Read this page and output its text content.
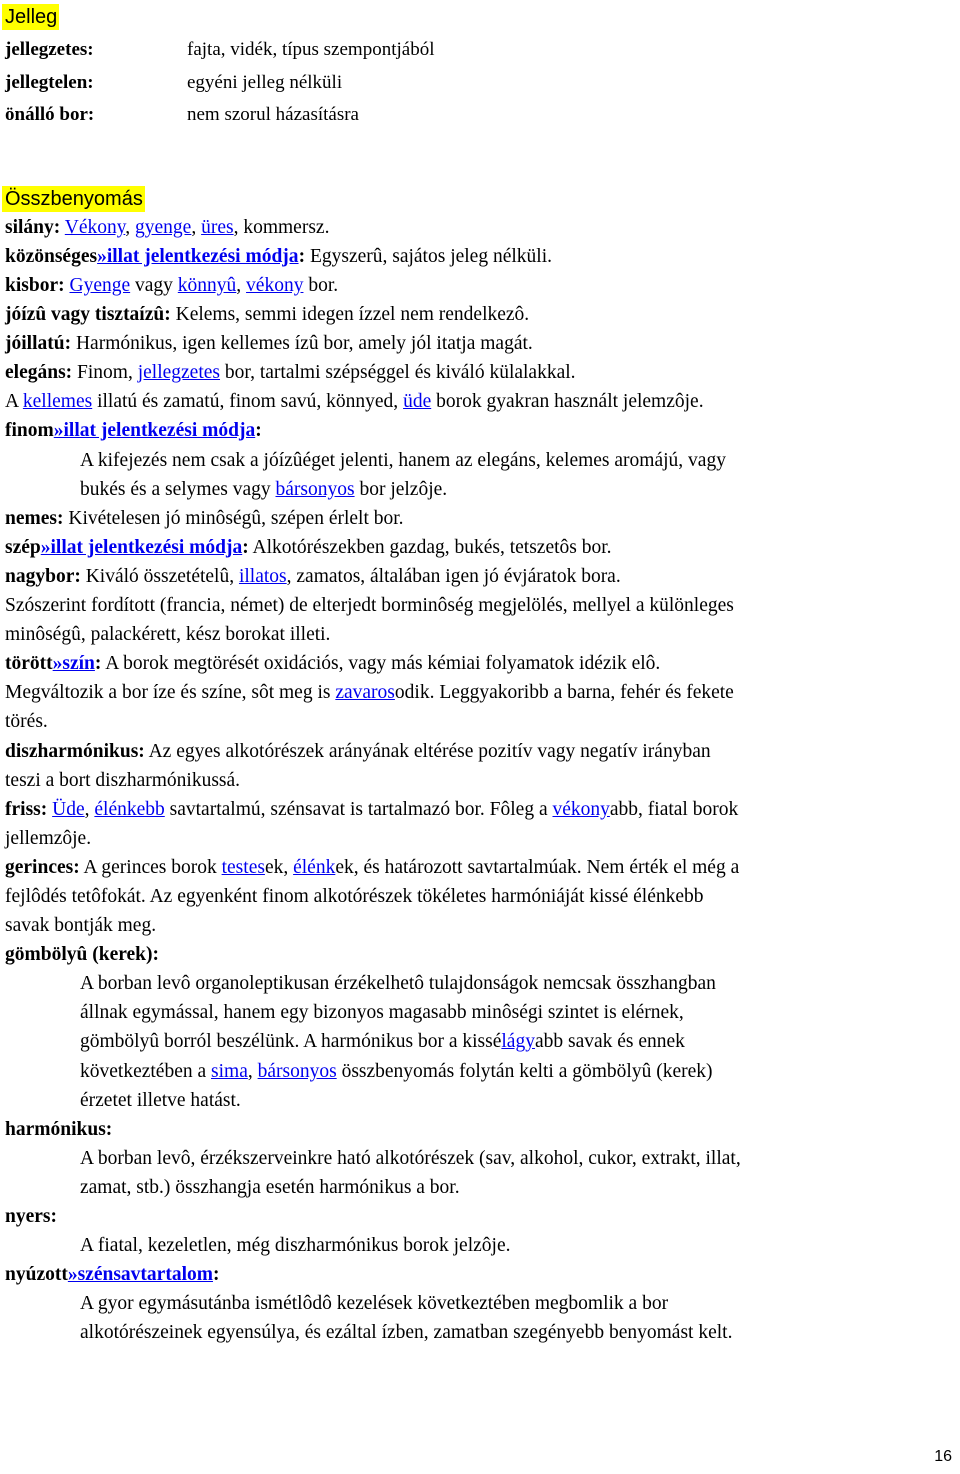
Jelleg
jellegzetes:	fajta, vidék, típus szempontjából
jellegtelen:	egyéni jelleg nélküli
önálló bor:	nem szorul házasításra
Összbenyomás
silány: Vékony, gyenge, üres, kommersz.
közönséges»illat jelentkezési módja: Egyszerû, sajátos jeleg nélküli.
kisbor: Gyenge vagy könnyû, vékony bor.
jóízû vagy tisztaízû: Kelems, semmi idegen ízzel nem rendelkezô.
jóillatú: Harmónikus, igen kellemes ízû bor, amely jól itatja magát.
elegáns: Finom, jellegzetes bor, tartalmi szépséggel és kiváló külalakkal.
A kellemes illatú és zamatú, finom savú, könnyed, üde borok gyakran használt jelemzôje.
finom»illat jelentkezési módja:
A kifejezés nem csak a jóízûéget jelenti, hanem az elegáns, kelemes aromájú, vagy
bukés és a selymes vagy bársonyos bor jelzôje.
nemes: Kivételesen jó minôségû, szépen érlelt bor.
szép»illat jelentkezési módja: Alkotórészekben gazdag, bukés, tetszetôs bor.
nagybor: Kiváló összetételû, illatos, zamatos, általában igen jó évjáratok bora.
Szószerint fordított (francia, német) de elterjedt borminôség megjelölés, mellyel a különleges
minôségû, palackérett, kész borokat illeti.
törött»szín: A borok megtörését oxidációs, vagy más kémiai folyamatok idézik elô.
Megváltozik a bor íze és színe, sôt meg is zavarosodik. Leggyakoribb a barna, fehér és fekete
törés.
diszharmónikus: Az egyes alkotórészek arányának eltérése pozitív vagy negatív irányban
teszi a bort diszharmónikussá.
friss: Üde, élénkebb savtartalmú, szénsavat is tartalmazó bor. Fôleg a vékonyabb, fiatal borok
jellemzôje.
gerinces: A gerinces borok testesek, élénkek, és határozott savtartalmúak. Nem érték el még a
fejlôdés tetôfokát. Az egyenként finom alkotórészek tökéletes harmóniáját kissé élénkebb
savak bontják meg.
gömbölyû (kerek):
A borban levô organoleptikusan érzékelhetô tulajdonságok nemcsak összhangban
állnak egymással, hanem egy bizonyos magasabb minôségi szintet is elérnek,
gömbölyû borról beszélünk. A harmónikus bor a kissélágyabb savak és ennek
következtében a sima, bársonyos összbenyomás folytán kelti a gömbölyû (kerek)
érzetet illetve hatást.
harmónikus:
A borban levô, érzékszerveinkre ható alkotórészek (sav, alkohol, cukor, extrakt, illat,
zamat, stb.) összhangja esetén harmónikus a bor.
nyers:
A fiatal, kezeletlen, még diszharmónikus borok jelzôje.
nyúzott»szénsavtartalom:
A gyor egymásutánba ismétlôdô kezelések következtében megbomlik a bor
alkotórészeinek egyensúlya, és ezáltal ízben, zamatban szegényebb benyomást kelt.
16
